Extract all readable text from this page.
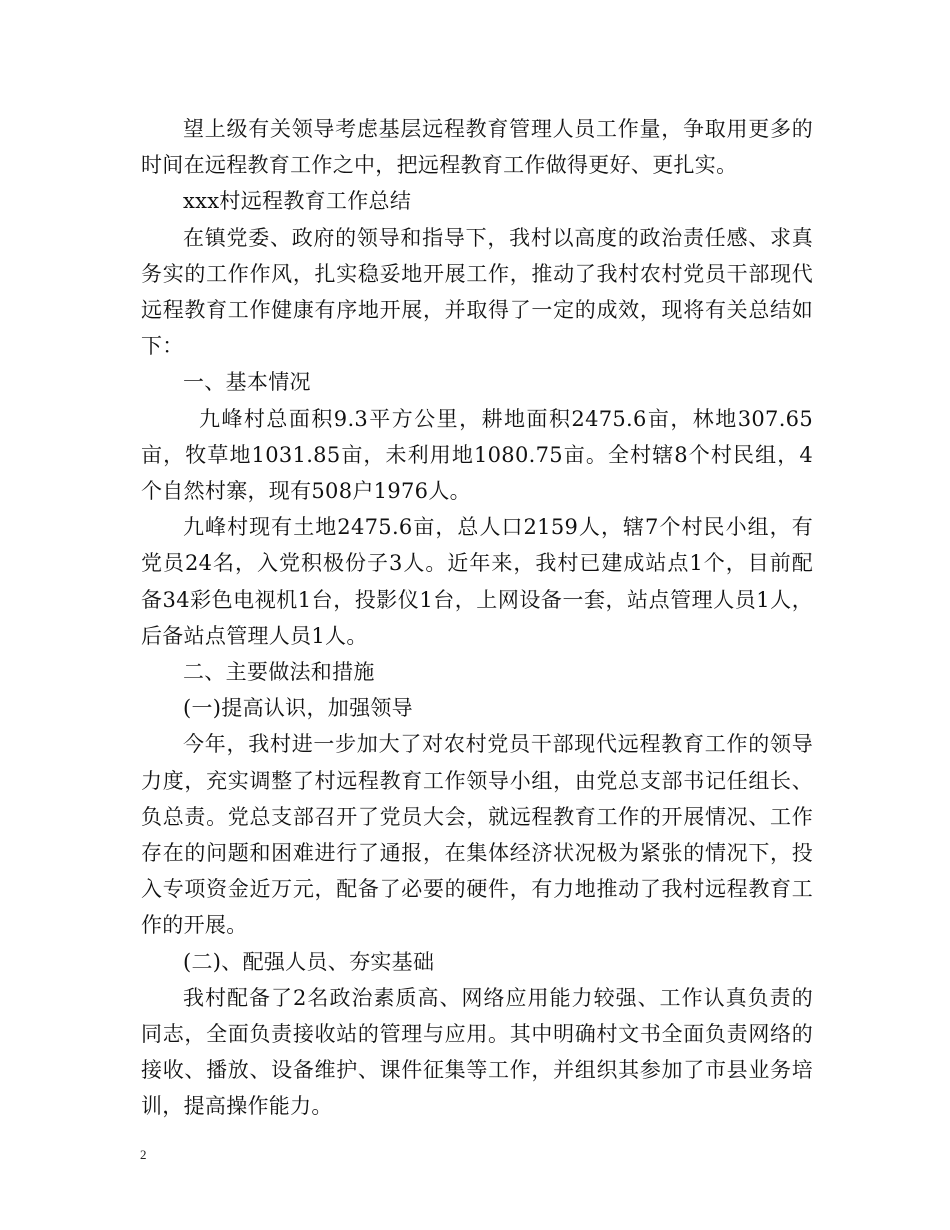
望上级有关领导考虑基层远程教育管理人员工作量，争取用更多的时间在远程教育工作之中，把远程教育工作做得更好、更扎实。

xxx村远程教育工作总结

在镇党委、政府的领导和指导下，我村以高度的政治责任感、求真务实的工作作风，扎实稳妥地开展工作，推动了我村农村党员干部现代远程教育工作健康有序地开展，并取得了一定的成效，现将有关总结如下：

一、基本情况

九峰村总面积9.3平方公里，耕地面积2475.6亩，林地307.65亩，牧草地1031.85亩，未利用地1080.75亩。全村辖8个村民组，4个自然村寨，现有508户1976人。

九峰村现有土地2475.6亩，总人口2159人，辖7个村民小组，有党员24名，入党积极份子3人。近年来，我村已建成站点1个，目前配备34彩色电视机1台，投影仪1台，上网设备一套，站点管理人员1人，后备站点管理人员1人。

二、主要做法和措施

(一)提高认识，加强领导

今年，我村进一步加大了对农村党员干部现代远程教育工作的领导力度，充实调整了村远程教育工作领导小组，由党总支部书记任组长、负总责。党总支部召开了党员大会，就远程教育工作的开展情况、工作存在的问题和困难进行了通报，在集体经济状况极为紧张的情况下，投入专项资金近万元，配备了必要的硬件，有力地推动了我村远程教育工作的开展。

(二)、配强人员、夯实基础

我村配备了2名政治素质高、网络应用能力较强、工作认真负责的同志，全面负责接收站的管理与应用。其中明确村文书全面负责网络的接收、播放、设备维护、课件征集等工作，并组织其参加了市县业务培训，提高操作能力。

2
